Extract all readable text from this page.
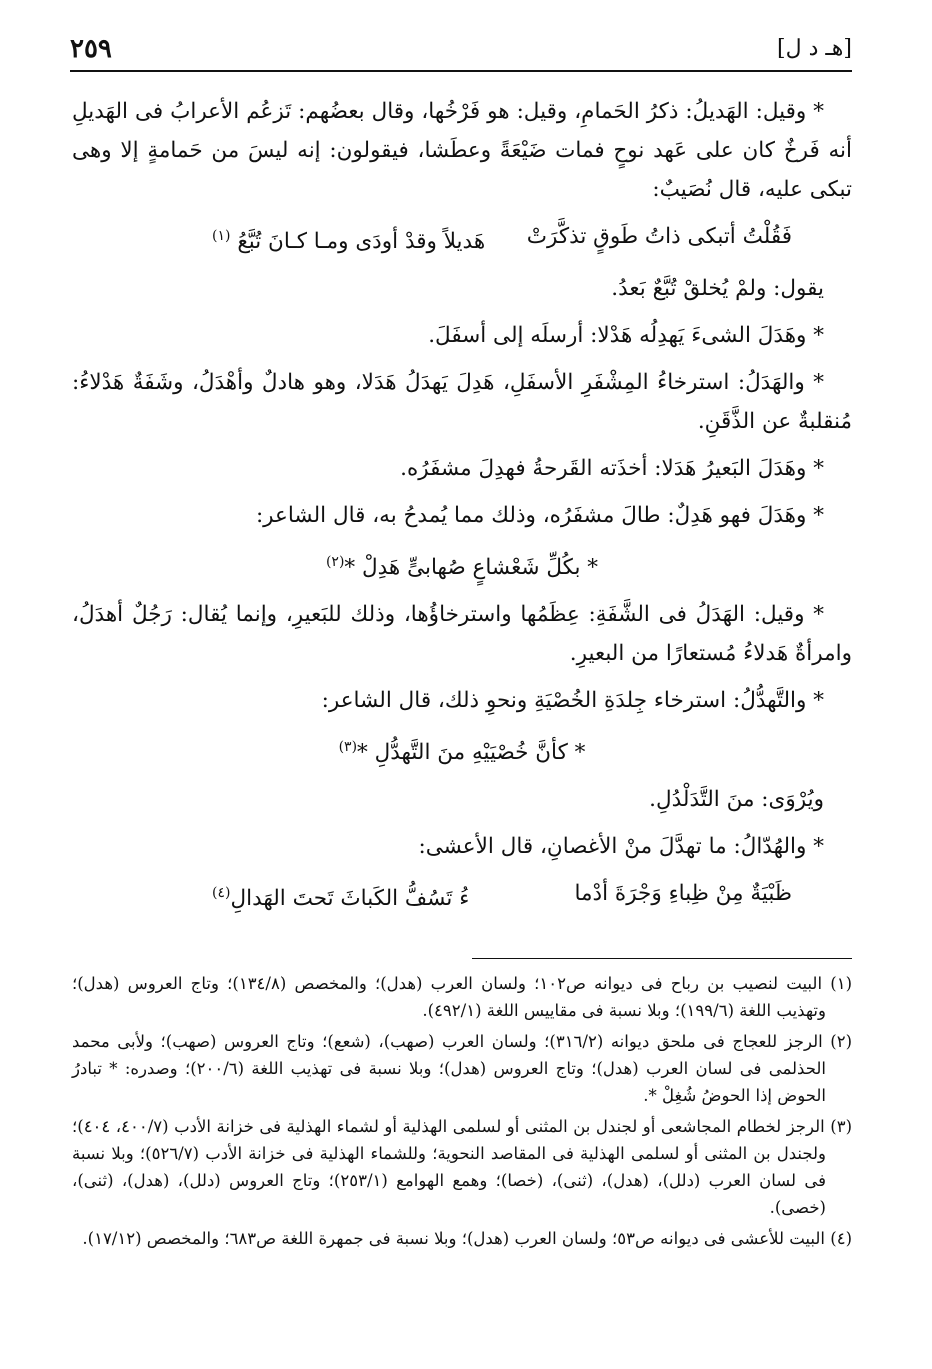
٢٥٩	[هـ د ل]

* وقيل: الهَديلُ: ذكرُ الحَمامِ، وقيل: هو فَرْخُها، وقال بعضُهم: تَزعُم الأعرابُ فى الهَديلِ أنه فَرخٌ كان على عَهد نوحٍ فمات ضَيْعَةً وعطَشا، فيقولون: إنه ليسَ من حَمامةٍ إلا وهى تبكى عليه، قال نُصَيبٌ:

فَقُلْتُ أتبكى ذاتُ طَوقٍ تذكَّرَتْ
هَديلاً وقدْ أودَى ومـا كـانَ تُبَّعُ $^{(١)}$

يقول: ولمْ يُخلقْ تُبَّعٌ بَعدُ.

* وهَدَلَ الشىءَ يَهدِلُه هَدْلا: أرسلَه إلى أسفَلَ.

* والهَدَلُ: استرخاءُ المِشْفَرِ الأسفَلِ، هَدِلَ يَهدَلُ هَدَلا، وهو هادلٌ وأهْدَلُ، وشَفَةٌ هَدْلاءُ: مُنقلبةٌ عن الذَّقَنِ.

* وهَدَلَ البَعيرُ هَدَلا: أخذَته القَرحةُ فهدِلَ مشفَرُه.

* وهَدَلَ فهو هَدِلٌ: طالَ مشفَرُه، وذلك مما يُمدحُ به، قال الشاعر:

* بكُلِّ شَعْشاعٍ صُهابىٍّ هَدِلْ *$^{(٢)}$

* وقيل: الهَدَلُ فى الشَّفَةِ: عِظَمُها واسترخاؤُها، وذلك للبَعيرِ، وإنما يُقال: رَجُلٌ أهدَلُ، وامرأةٌ هَدلاءُ مُستعارًا من البعيرِ.

* والتَّهدُّلُ: استرخاء جِلدَةِ الخُصْيَةِ ونحوِ ذلك، قال الشاعر:

* كأنَّ خُصْيَيْهِ منَ التَّهدُّلِ *$^{(٣)}$

ويُرْوَى: منَ التَّدَلْدُلِ.

* والهُدّالُ: ما تهدَّلَ منْ الأغصانِ، قال الأعشى:

ظَبْيَةٌ مِنْ ظِباءِ وَجْرَةَ أدْما
ءُ تَسُفُّ الكَباثَ تَحتَ الهَدالِ$^{(٤)}$

(١) البيت لنصيب بن رباح فى ديوانه ص١٠٢؛ ولسان العرب (هدل)؛ والمخصص (١٣٤/٨)؛ وتاج العروس (هدل)؛ وتهذيب اللغة (١٩٩/٦)؛ وبلا نسبة فى مقاييس اللغة (٤٩٢/١).

(٢) الرجز للعجاج فى ملحق ديوانه (٣١٦/٢)؛ ولسان العرب (صهب)، (شعع)؛ وتاج العروس (صهب)؛ ولأبى محمد الحذلمى فى لسان العرب (هدل)؛ وتاج العروس (هدل)؛ وبلا نسبة فى تهذيب اللغة (٢٠٠/٦)؛ وصدره: * تبادرُ الحوض إذا الحوضُ شُغِلْ *.

(٣) الرجز لخطام المجاشعى أو لجندل بن المثنى أو لسلمى الهذلية أو لشماء الهذلية فى خزانة الأدب (٤٠٠/٧، ٤٠٤)؛ ولجندل بن المثنى أو لسلمى الهذلية فى المقاصد النحوية؛ وللشماء الهذلية فى خزانة الأدب (٥٢٦/٧)؛ وبلا نسبة فى لسان العرب (دلل)، (هدل)، (ثنى)، (خصا)؛ وهمع الهوامع (٢٥٣/١)؛ وتاج العروس (دلل)، (هدل)، (ثنى)، (خصى).

(٤) البيت للأعشى فى ديوانه ص٥٣؛ ولسان العرب (هدل)؛ وبلا نسبة فى جمهرة اللغة ص٦٨٣؛ والمخصص (١٧/١٢).
